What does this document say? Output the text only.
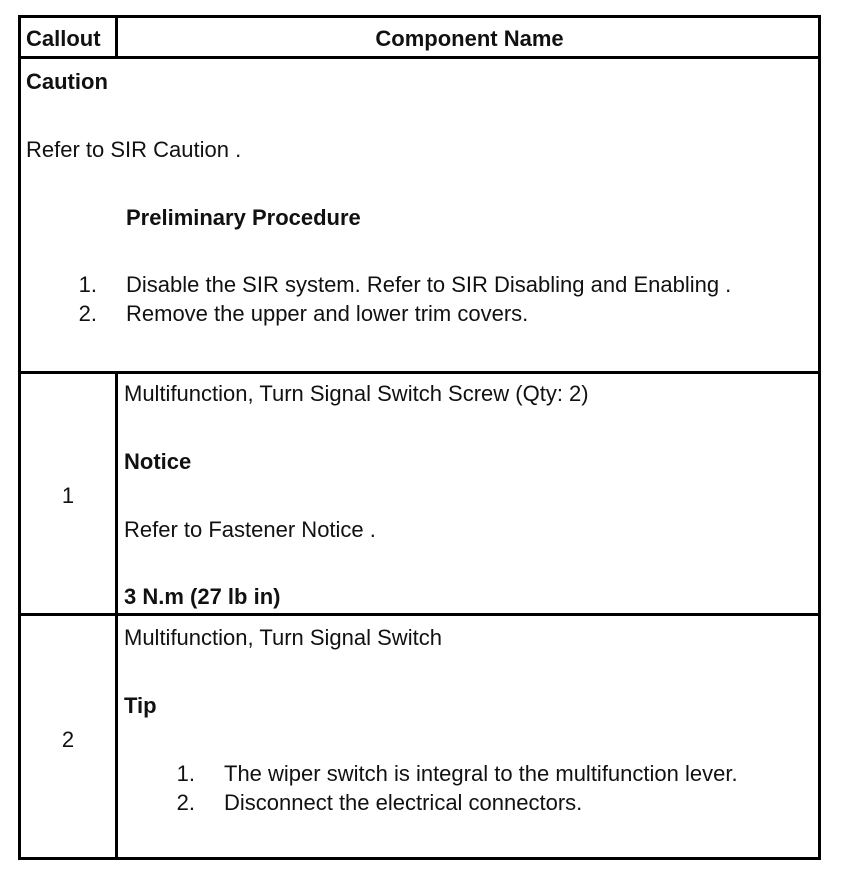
Callout	Component Name
Caution
Refer to SIR Caution .
Preliminary Procedure
1. Disable the SIR system. Refer to SIR Disabling and Enabling .
2. Remove the upper and lower trim covers.
1
Multifunction, Turn Signal Switch Screw (Qty: 2)
Notice
Refer to Fastener Notice .
3 N.m (27 lb in)
2
Multifunction, Turn Signal Switch
Tip
1. The wiper switch is integral to the multifunction lever.
2. Disconnect the electrical connectors.
